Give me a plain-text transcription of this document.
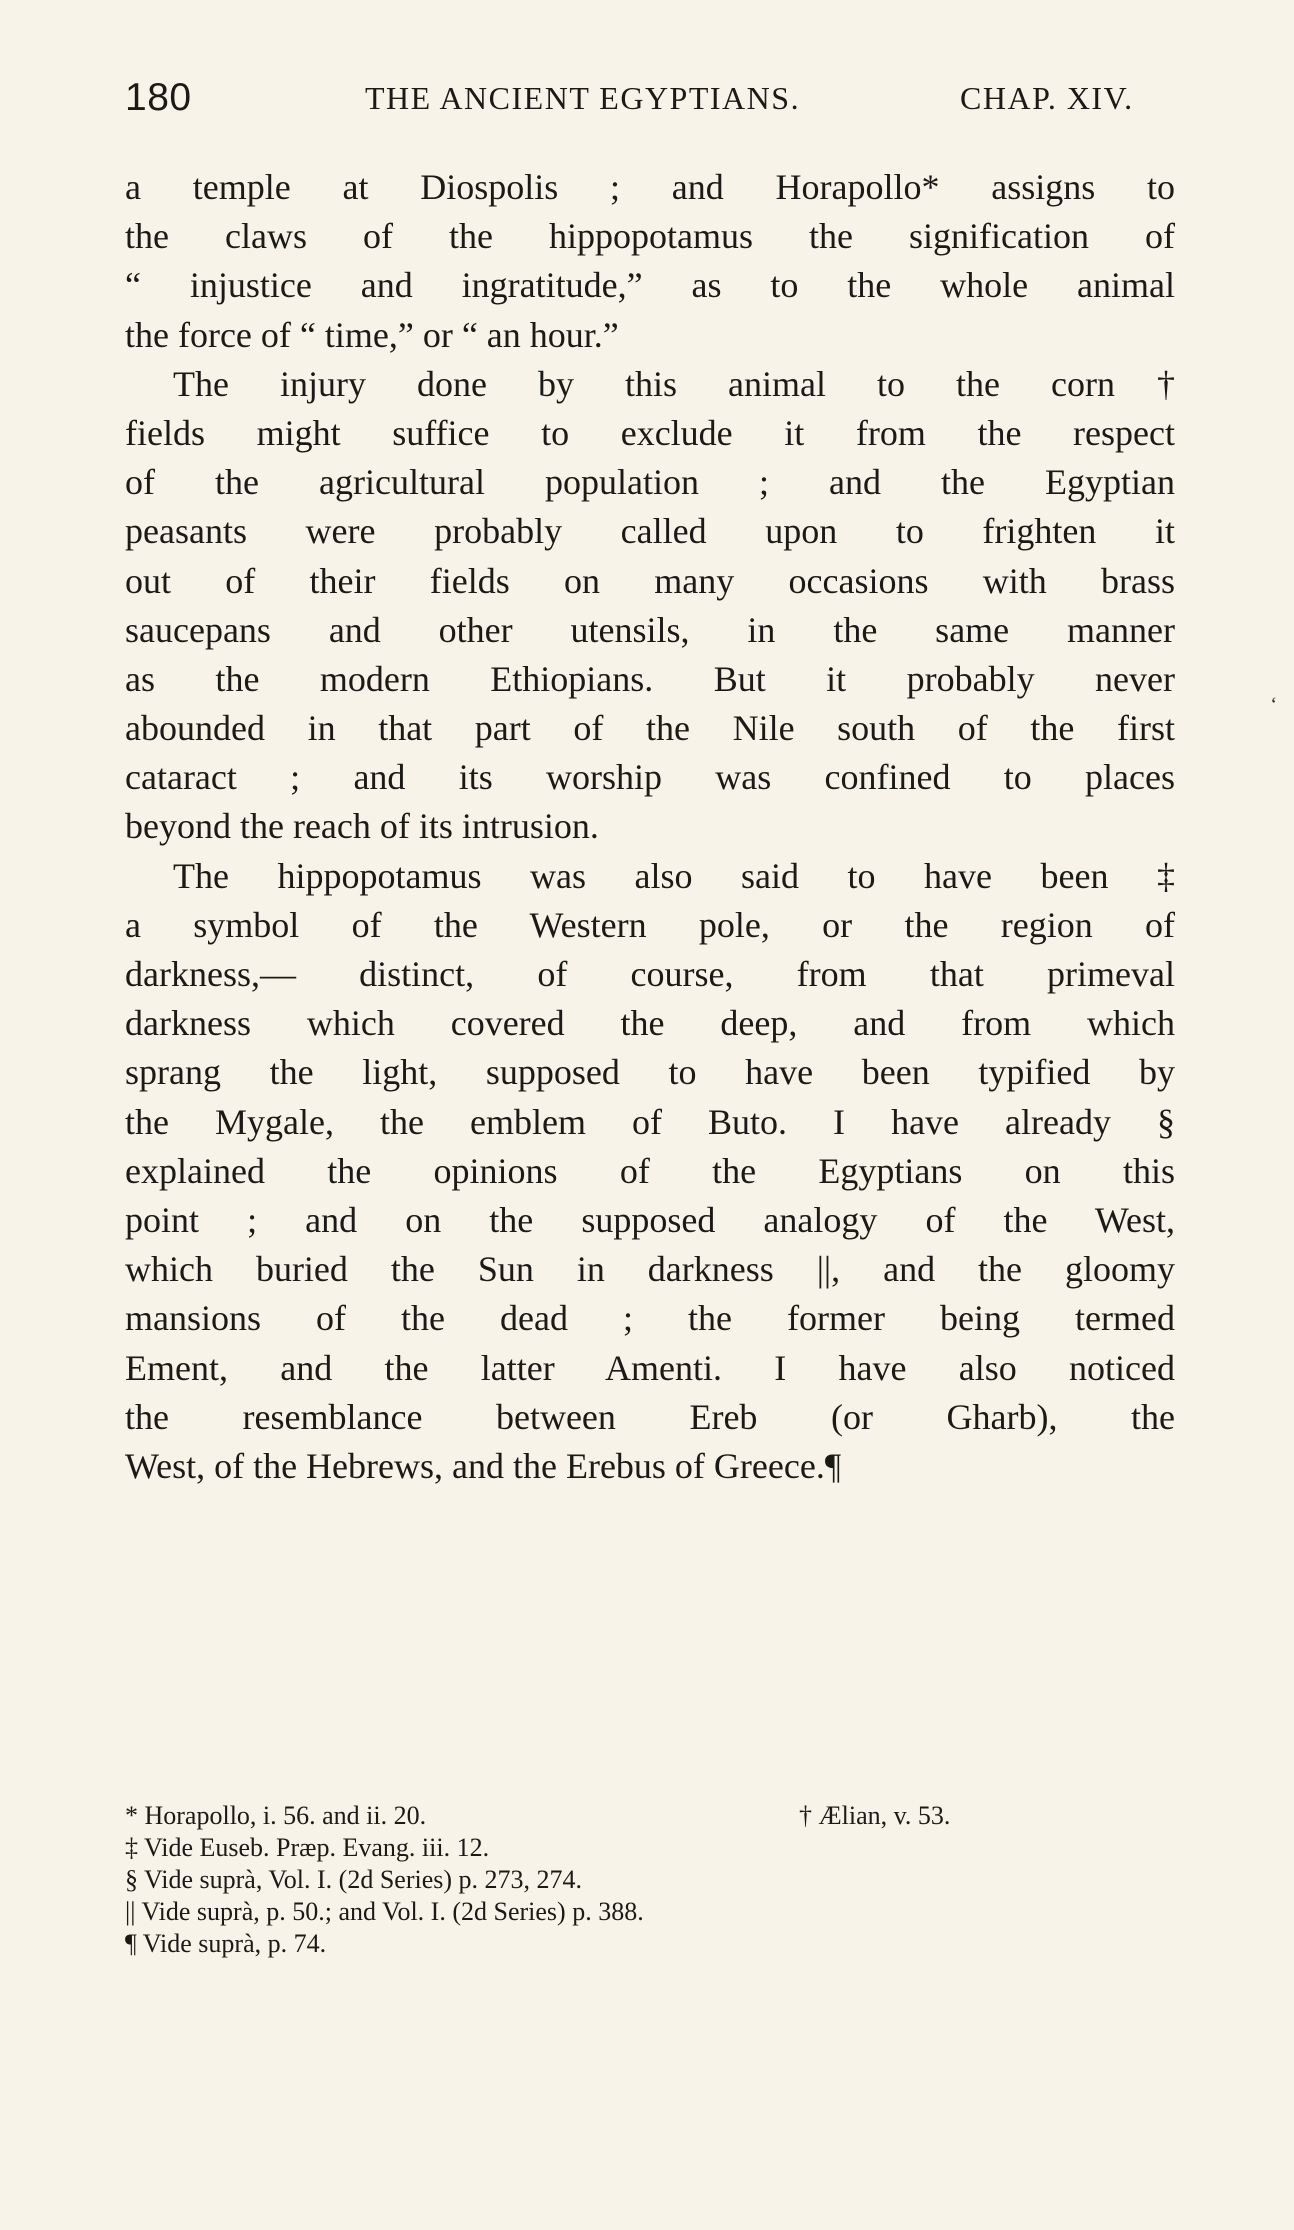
180	THE ANCIENT EGYPTIANS.	CHAP. XIV.
a temple at Diospolis ; and Horapollo* assigns to
the claws of the hippopotamus the signification of
“ injustice and ingratitude,” as to the whole animal
the force of “ time,” or “ an hour.”
The injury done by this animal to the corn†
fields might suffice to exclude it from the respect
of the agricultural population ; and the Egyptian
peasants were probably called upon to frighten it
out of their fields on many occasions with brass
saucepans and other utensils, in the same manner
as the modern Ethiopians. But it probably never
abounded in that part of the Nile south of the first
cataract ; and its worship was confined to places
beyond the reach of its intrusion.
The hippopotamus was also said to have been ‡
a symbol of the Western pole, or the region of
darkness,— distinct, of course, from that primeval
darkness which covered the deep, and from which
sprang the light, supposed to have been typified by
the Mygale, the emblem of Buto. I have already §
explained the opinions of the Egyptians on this
point ; and on the supposed analogy of the West,
which buried the Sun in darkness ||, and the gloomy
mansions of the dead ; the former being termed
Ement, and the latter Amenti. I have also noticed
the resemblance between Ereb (or Gharb), the
West, of the Hebrews, and the Erebus of Greece.¶
* Horapollo, i. 56. and ii. 20.	† Ælian, v. 53.
‡ Vide Euseb. Præp. Evang. iii. 12.
§ Vide suprà, Vol. I. (2d Series) p. 273, 274.
|| Vide suprà, p. 50.; and Vol. I. (2d Series) p. 388.
¶ Vide suprà, p. 74.
‘
